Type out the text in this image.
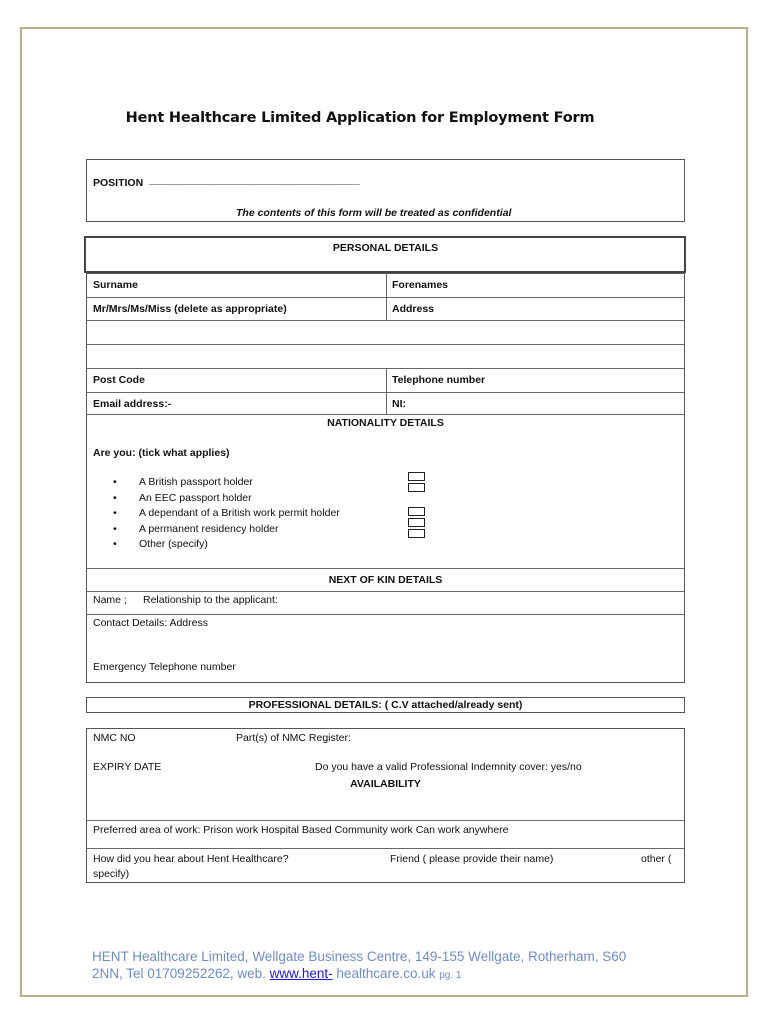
Hent Healthcare Limited Application for Employment Form
POSITION _______________________________________________
The contents of this form will be treated as confidential
PERSONAL DETAILS
Surname	Forenames
Mr/Mrs/Ms/Miss (delete as appropriate)	Address
Post Code	Telephone number
Email address:-	NI:
NATIONALITY DETAILS
Are you: (tick what applies)
• A British passport holder
• An EEC passport holder
• A dependant of a British work permit holder
• A permanent residency holder
• Other (specify)
NEXT OF KIN DETAILS
Name ; Relationship to the applicant:
Contact Details: Address
Emergency Telephone number
PROFESSIONAL DETAILS: ( C.V attached/already sent)
NMC NO	Part(s) of NMC Register:
EXPIRY DATE	Do you have a valid Professional Indemnity cover: yes/no
AVAILABILITY
Preferred area of work: Prison work Hospital Based Community work Can work anywhere
How did you hear about Hent Healthcare?	Friend ( please provide their name)	other (
specify)
HENT Healthcare Limited, Wellgate Business Centre, 149-155 Wellgate, Rotherham, S60
2NN, Tel 01709252262, web. www.hent- healthcare.co.uk pg. 1
